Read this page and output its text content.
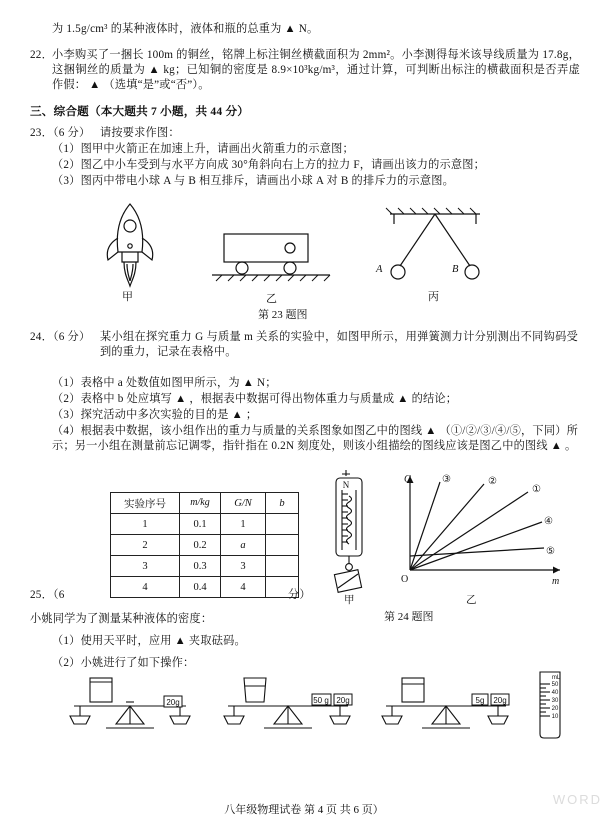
为 1.5g/cm³ 的某种液体时，液体和瓶的总重为 ▲ N。
22． 小李购买了一捆长 100m 的铜丝，铭牌上标注铜丝横截面积为 2mm²。小李测得每米该导线质量为 17.8g，这捆铜丝的质量为 ▲ kg；已知铜的密度是 8.9×10³kg/m³，通过计算，可判断出标注的横截面积是否弄虚作假： ▲ （选填“是”或“否”）。
三、综合题（本大题共 7 小题，共 44 分）
23．（6 分） 请按要求作图：
（1）图甲中火箭正在加速上升，请画出火箭重力的示意图；
（2）图乙中小车受到与水平方向成 30°角斜向右上方的拉力 F，请画出该力的示意图；
（3）图丙中带电小球 A 与 B 相互排斥，请画出小球 A 对 B 的排斥力的示意图。
甲	乙
A	B
丙
第 23 题图
24．（6 分） 某小组在探究重力 G 与质量 m 关系的实验中，如图甲所示，用弹簧测力计分别测出不同钩码受到的重力，记录在表格中。
（1）表格中 a 处数值如图甲所示，为 ▲ N；
（2）表格中 b 处应填写 ▲ ，根据表中数据可得出物体重力与质量成 ▲ 的结论；
（3）探究活动中多次实验的目的是 ▲ ；
（4）根据表中数据，该小组作出的重力与质量的关系图象如图乙中的图线 ▲ （①/②/③/④/⑤，下同）所示；另一小组在测量前忘记调零，指针指在 0.2N 刻度处，则该小组描绘的图线应该是图乙中的图线 ▲ 。
实验序号	m/kg	G/N	b
1	0.1	1	
2	0.2	a	
3	0.3	3	
4	0.4	4	
N
甲
G
m
O
③	②
①
④
⑤
乙
第 24 题图
25．（6	分）
小姚同学为了测量某种液体的密度：
（1）使用天平时，应用 ▲ 夹取砝码。
（2）小姚进行了如下操作：
20g	50 g 20g	5g 20g
mL
50
40
30
20
10
八年级物理试卷 第 4 页 共 6 页）
WORD
